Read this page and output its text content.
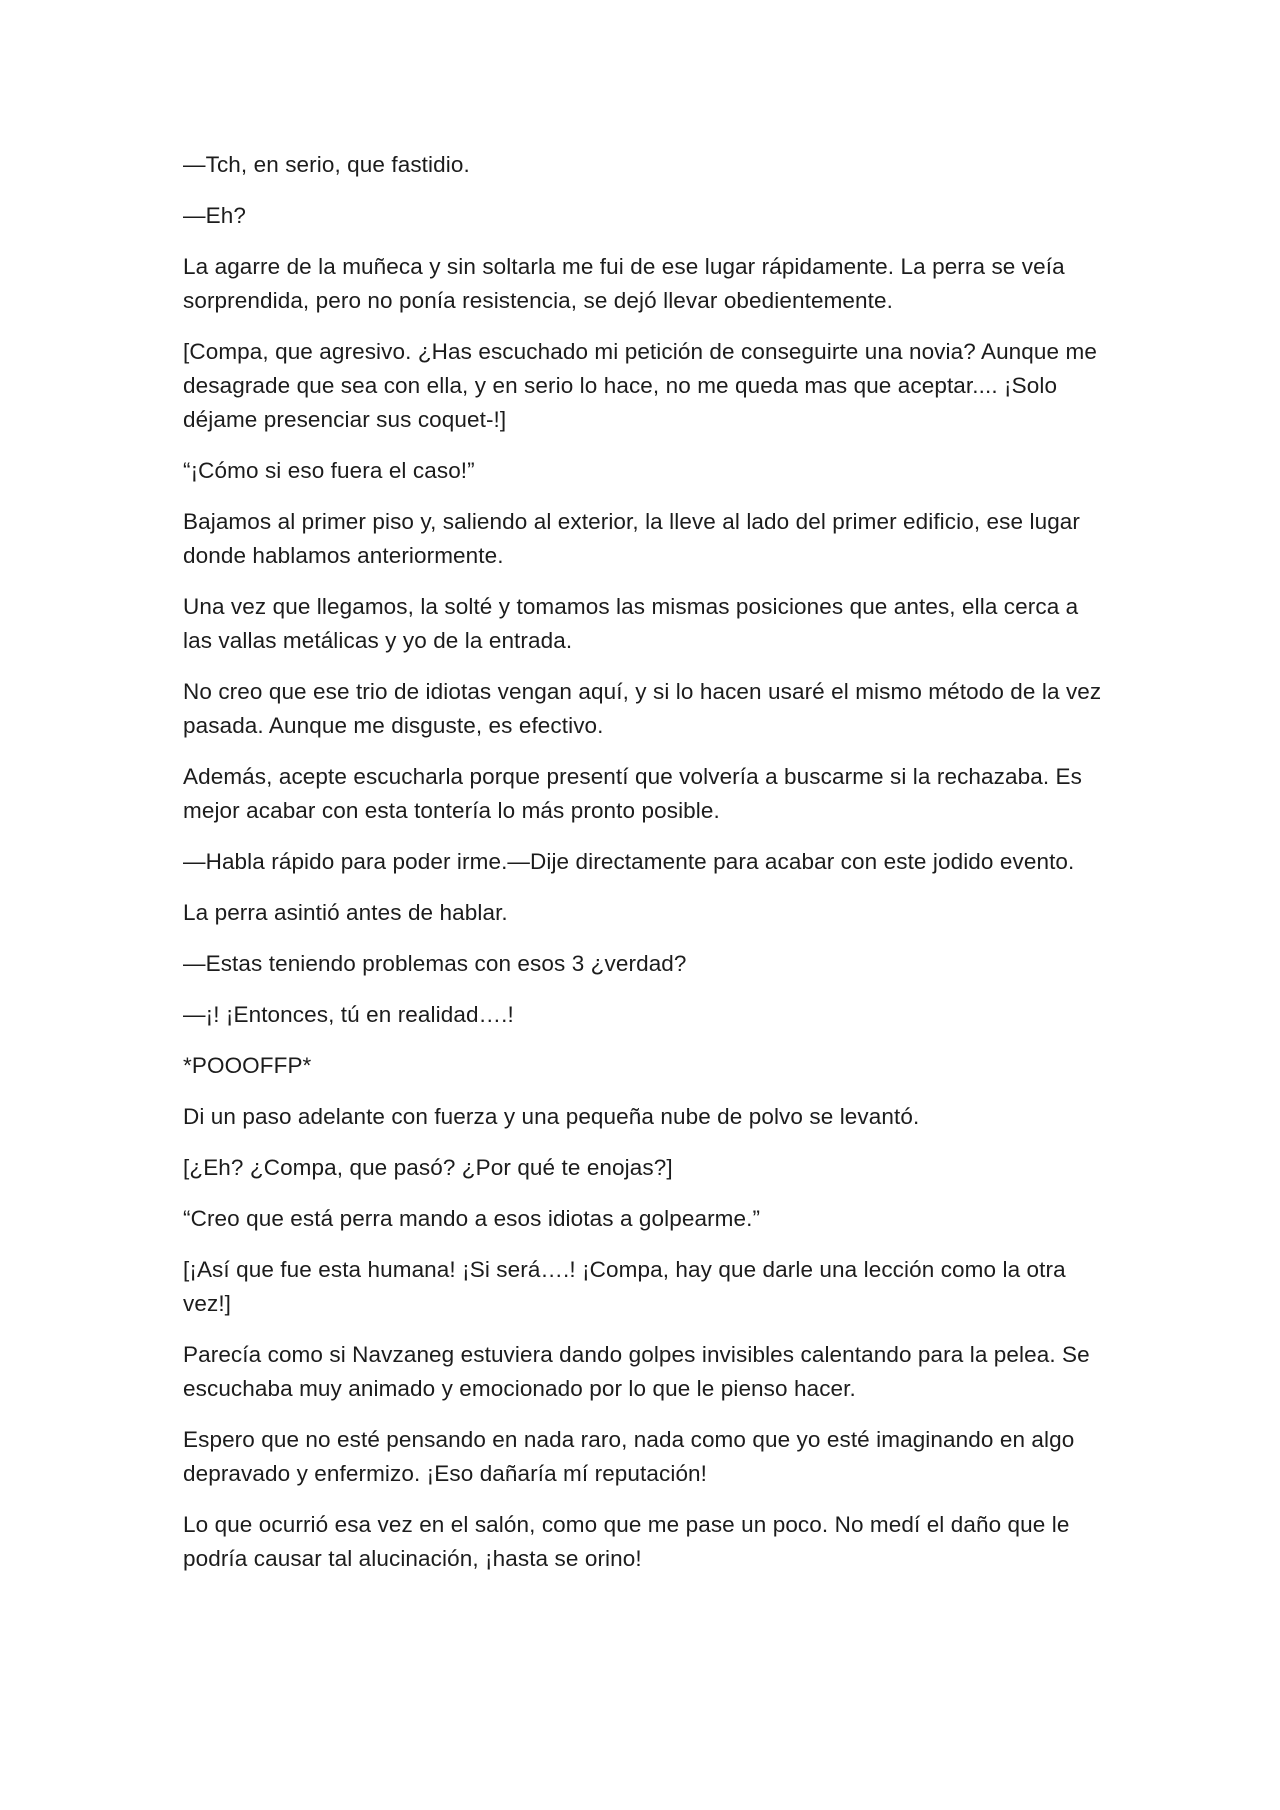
—Tch, en serio, que fastidio.

—Eh?

La agarre de la muñeca y sin soltarla me fui de ese lugar rápidamente. La perra se veía sorprendida, pero no ponía resistencia, se dejó llevar obedientemente.

[Compa, que agresivo. ¿Has escuchado mi petición de conseguirte una novia? Aunque me desagrade que sea con ella, y en serio lo hace, no me queda mas que aceptar.... ¡Solo déjame presenciar sus coquet-!]

“¡Cómo si eso fuera el caso!”

Bajamos al primer piso y, saliendo al exterior, la lleve al lado del primer edificio, ese lugar donde hablamos anteriormente.

Una vez que llegamos, la solté y tomamos las mismas posiciones que antes, ella cerca a las vallas metálicas y yo de la entrada.

No creo que ese trio de idiotas vengan aquí, y si lo hacen usaré el mismo método de la vez pasada. Aunque me disguste, es efectivo.

Además, acepte escucharla porque presentí que volvería a buscarme si la rechazaba. Es mejor acabar con esta tontería lo más pronto posible.

—Habla rápido para poder irme.—Dije directamente para acabar con este jodido evento.

La perra asintió antes de hablar.

—Estas teniendo problemas con esos 3 ¿verdad?

—¡! ¡Entonces, tú en realidad….!

*POOOFFP*

Di un paso adelante con fuerza y una pequeña nube de polvo se levantó.

[¿Eh? ¿Compa, que pasó? ¿Por qué te enojas?]

“Creo que está perra mando a esos idiotas a golpearme.”

[¡Así que fue esta humana! ¡Si será….! ¡Compa, hay que darle una lección como la otra vez!]

Parecía como si Navzaneg estuviera dando golpes invisibles calentando para la pelea. Se escuchaba muy animado y emocionado por lo que le pienso hacer.

Espero que no esté pensando en nada raro, nada como que yo esté imaginando en algo depravado y enfermizo. ¡Eso dañaría mí reputación!

Lo que ocurrió esa vez en el salón, como que me pase un poco. No medí el daño que le podría causar tal alucinación, ¡hasta se orino!
